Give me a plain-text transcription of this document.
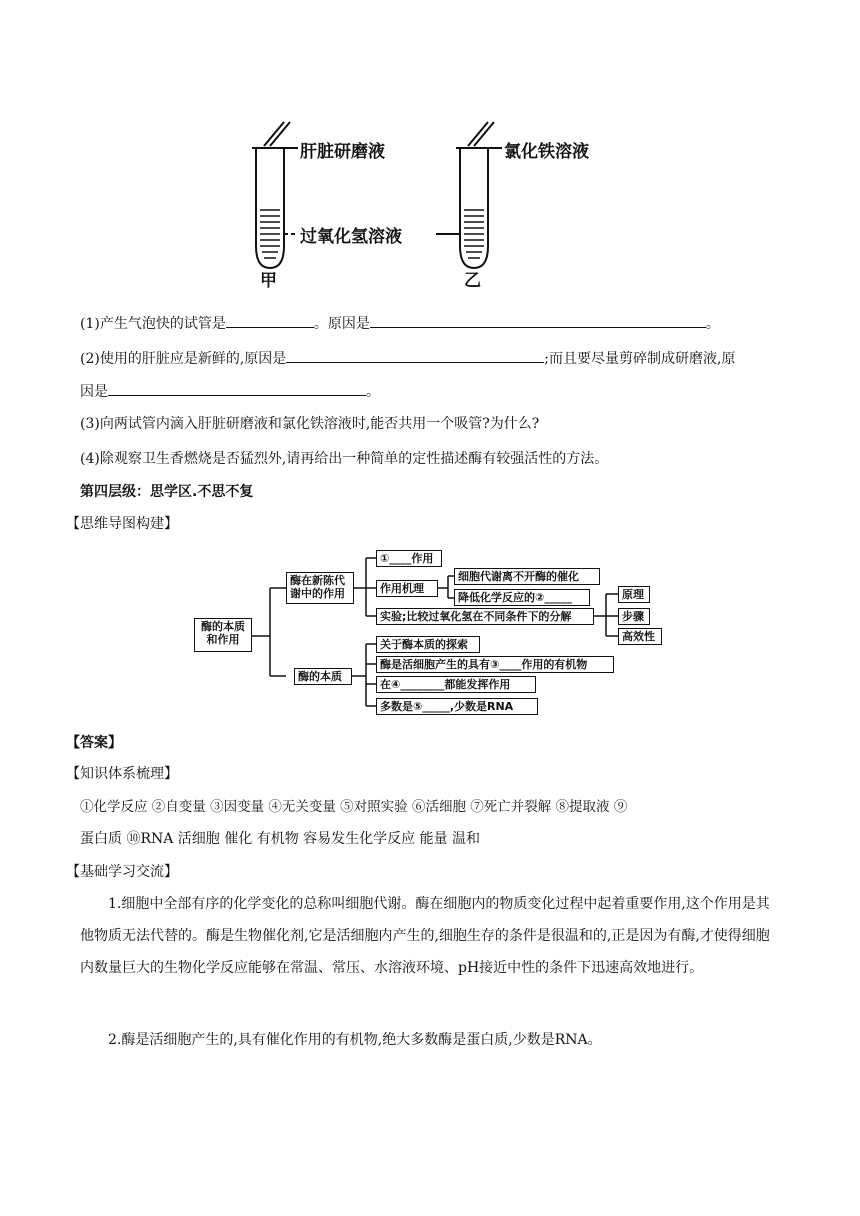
肝脏研磨液
过氧化氢溶液
氯化铁溶液
甲	乙
(1)产生气泡快的试管是	。原因是	。
(2)使用的肝脏应是新鲜的,原因是	;而且要尽量剪碎制成研磨液,原
因是	。
(3)向两试管内滴入肝脏研磨液和氯化铁溶液时,能否共用一个吸管?为什么?
(4)除观察卫生香燃烧是否猛烈外,请再给出一种简单的定性描述酶有较强活性的方法。
第四层级：思学区.不思不复
【思维导图构建】
酶的本质和作用
酶在新陈代谢中的作用
①____作用
作用机理
细胞代谢离不开酶的催化
降低化学反应的②_____
实验;比较过氧化氢在不同条件下的分解
原理
步骤
高效性
酶的本质
关于酶本质的探索
酶是活细胞产生的具有③____作用的有机物
在④________都能发挥作用
多数是⑤_____,少数是RNA
【答案】
【知识体系梳理】
①化学反应 ②自变量 ③因变量 ④无关变量 ⑤对照实验 ⑥活细胞 ⑦死亡并裂解 ⑧提取液 ⑨
蛋白质 ⑩RNA 活细胞 催化 有机物 容易发生化学反应 能量 温和
【基础学习交流】
1.细胞中全部有序的化学变化的总称叫细胞代谢。酶在细胞内的物质变化过程中起着重要作用,这个作用是其他物质无法代替的。酶是生物催化剂,它是活细胞内产生的,细胞生存的条件是很温和的,正是因为有酶,才使得细胞内数量巨大的生物化学反应能够在常温、常压、水溶液环境、pH接近中性的条件下迅速高效地进行。
2.酶是活细胞产生的,具有催化作用的有机物,绝大多数酶是蛋白质,少数是RNA。
